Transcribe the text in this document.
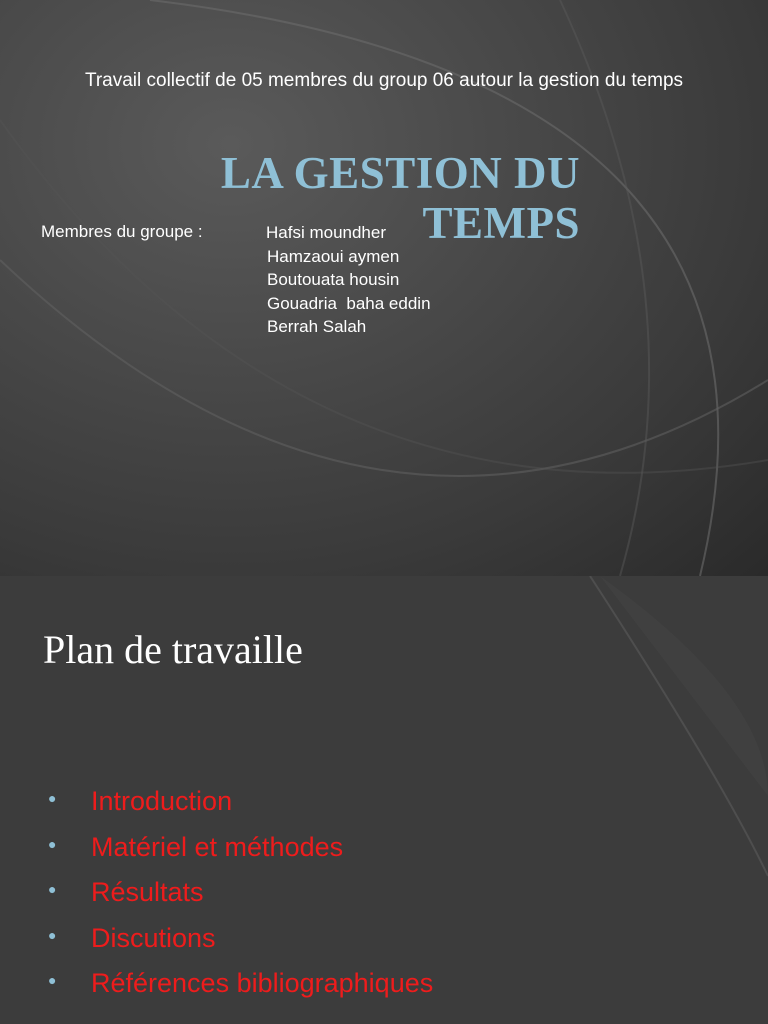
Travail collectif de 05 membres du group 06 autour la gestion du temps
LA GESTION DU
TEMPS
Membres du groupe :	Hafsi moundher
Hamzaoui aymen
Boutouata housin
Gouadria  baha eddin
Berrah Salah
Plan de travaille
● Introduction
● Matériel et méthodes
● Résultats
● Discutions
● Références bibliographiques
